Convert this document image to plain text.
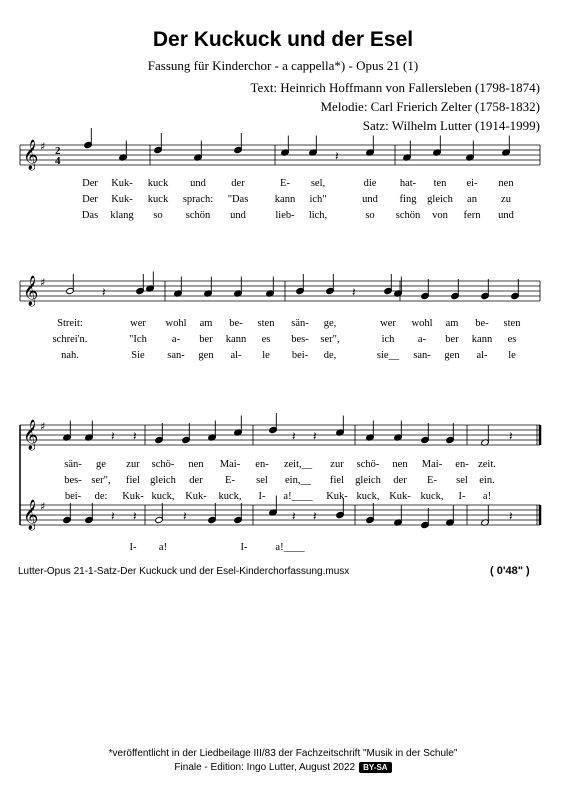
Der Kuckuck und der Esel
Fassung für Kinderchor - a cappella*) - Opus 21 (1)
Text: Heinrich Hoffmann von Fallersleben (1798-1874)
Melodie: Carl Frierich Zelter (1758-1832)
Satz: Wilhelm Lutter (1914-1999)
𝄞 ♯ 2
4	𝄽
𝄞 ♯
𝄽	𝄽
𝄞 ♯
𝄽 𝄽	𝄽 𝄽	𝄽
𝄞 ♯
𝄽 𝄽	𝄽	𝄽 𝄽	𝄽
Der Kuk- kuck und der	E- sel,	die hat- ten ei- nen
Der Kuk- kuck sprach: "Das	kann ich"	und fing gleich an zu
Das klang so schön und	lieb- lich,	so schön von fern und
Streit:	wer wohl am be- sten sän- ge,	wer wohl am be- sten
schrei'n.	"Ich a- ber kann es bes- ser",	ich a- ber kann es
nah.	Sie san- gen al- le bei- de,	sie__ san- gen al- le
sän- ge zur schö- nen Mai- en- zeit,__ zur schö- nen Mai- en- zeit.
bes- ser", fiel gleich der E- sel ein,__ fiel gleich der E- sel ein.
bei- de: Kuk- kuck, Kuk- kuck, I- a!____ Kuk- kuck, Kuk- kuck, I- a!
I- a!	I-	a!____
Lutter-Opus 21-1-Satz-Der Kuckuck und der Esel-Kinderchorfassung.musx	( 0'48" )
*veröffentlicht in der Liedbeilage III/83 der Fachzeitschrift "Musik in der Schule"
Finale - Edition: Ingo Lutter, August 2022 BY-SA
